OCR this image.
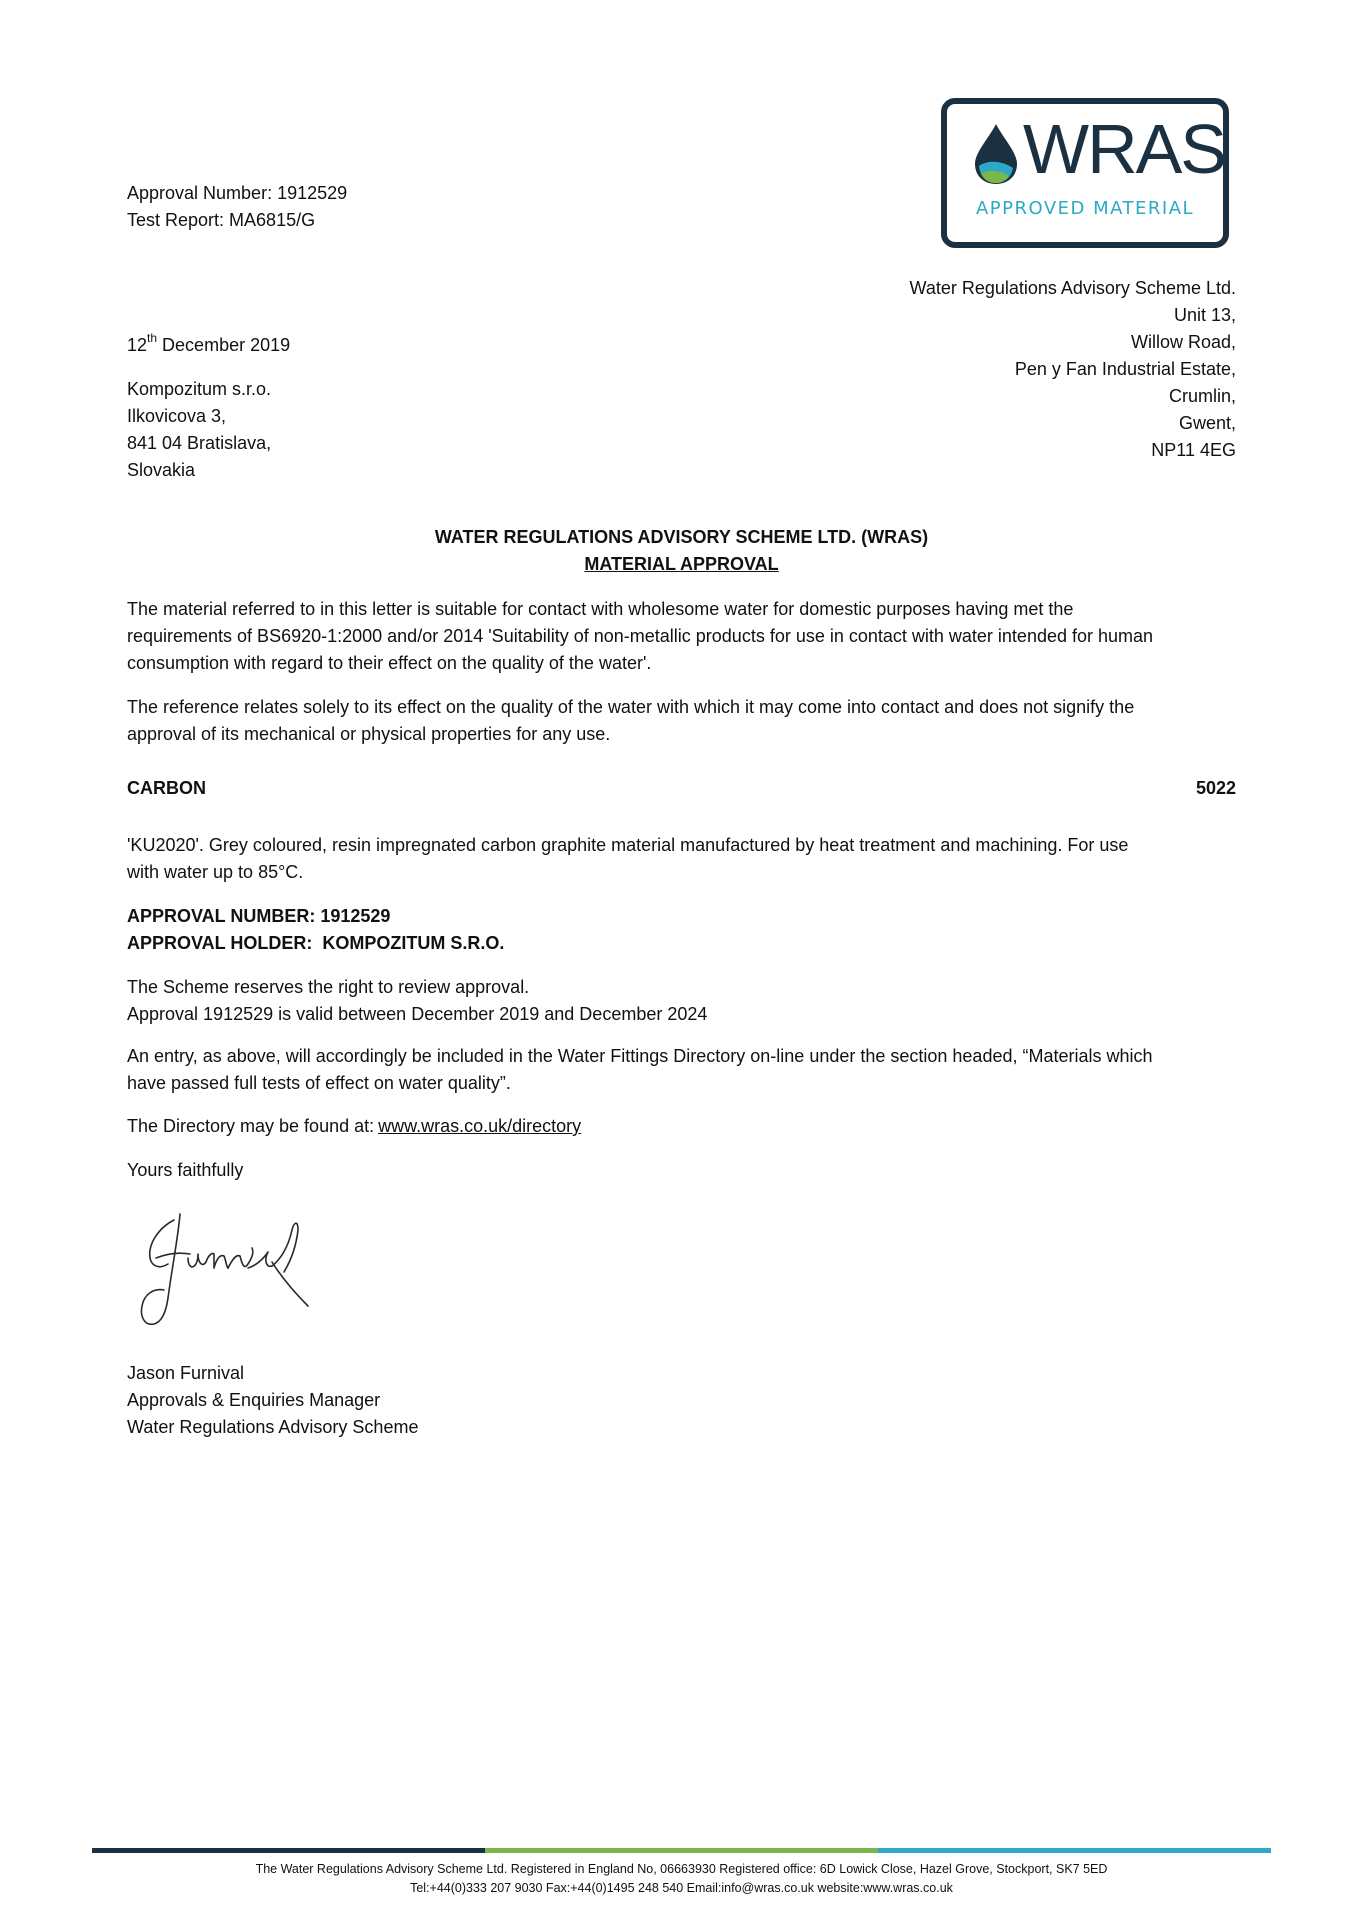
Approval Number: 1912529
Test Report: MA6815/G
WRAS
APPROVED MATERIAL
Water Regulations Advisory Scheme Ltd.
Unit 13,
Willow Road,
Pen y Fan Industrial Estate,
Crumlin,
Gwent,
NP11 4EG
12th December 2019
Kompozitum s.r.o.
Ilkovicova 3,
841 04 Bratislava,
Slovakia
WATER REGULATIONS ADVISORY SCHEME LTD. (WRAS)
MATERIAL APPROVAL
The material referred to in this letter is suitable for contact with wholesome water for domestic purposes having met the
requirements of BS6920-1:2000 and/or 2014 'Suitability of non-metallic products for use in contact with water intended for human
consumption with regard to their effect on the quality of the water'.
The reference relates solely to its effect on the quality of the water with which it may come into contact and does not signify the
approval of its mechanical or physical properties for any use.
CARBON	5022
'KU2020'. Grey coloured, resin impregnated carbon graphite material manufactured by heat treatment and machining. For use
with water up to 85°C.
APPROVAL NUMBER: 1912529
APPROVAL HOLDER:  KOMPOZITUM S.R.O.
The Scheme reserves the right to review approval.
Approval 1912529 is valid between December 2019 and December 2024
An entry, as above, will accordingly be included in the Water Fittings Directory on-line under the section headed, “Materials which
have passed full tests of effect on water quality”.
The Directory may be found at: www.wras.co.uk/directory
Yours faithfully
Jason Furnival
Approvals & Enquiries Manager
Water Regulations Advisory Scheme
The Water Regulations Advisory Scheme Ltd. Registered in England No, 06663930 Registered office: 6D Lowick Close, Hazel Grove, Stockport, SK7 5ED
Tel:+44(0)333 207 9030 Fax:+44(0)1495 248 540 Email:info@wras.co.uk website:www.wras.co.uk
